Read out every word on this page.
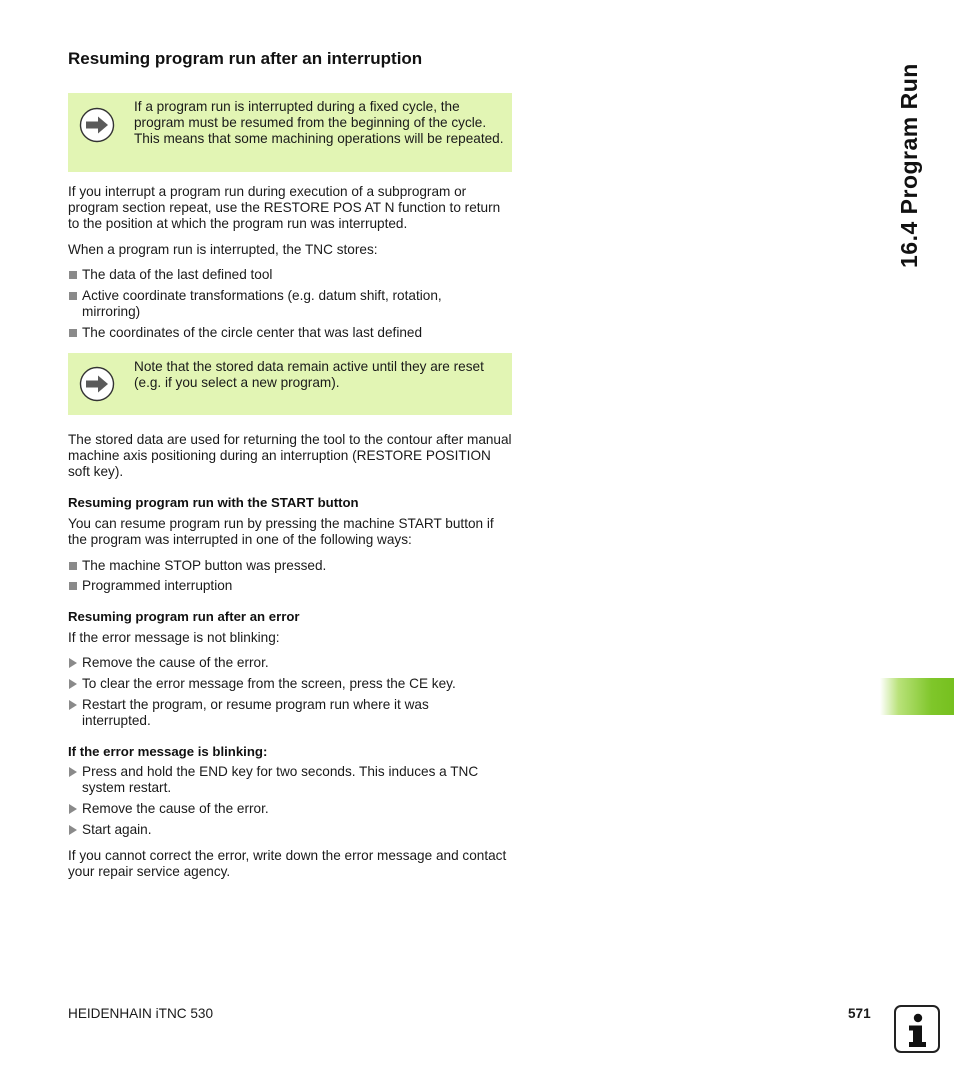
Resuming program run after an interruption

If a program run is interrupted during a fixed cycle, the program must be resumed from the beginning of the cycle. This means that some machining operations will be repeated.

If you interrupt a program run during execution of a subprogram or program section repeat, use the RESTORE POS AT N function to return to the position at which the program run was interrupted.

When a program run is interrupted, the TNC stores:

The data of the last defined tool
Active coordinate transformations (e.g. datum shift, rotation, mirroring)
The coordinates of the circle center that was last defined

Note that the stored data remain active until they are reset (e.g. if you select a new program).

The stored data are used for returning the tool to the contour after manual machine axis positioning during an interruption (RESTORE POSITION soft key).

Resuming program run with the START button

You can resume program run by pressing the machine START button if the program was interrupted in one of the following ways:

The machine STOP button was pressed.
Programmed interruption
Resuming program run after an error

If the error message is not blinking:

Remove the cause of the error.
To clear the error message from the screen, press the CE key.
Restart the program, or resume program run where it was interrupted.
If the error message is blinking:
Press and hold the END key for two seconds. This induces a TNC system restart.
Remove the cause of the error.
Start again.

If you cannot correct the error, write down the error message and contact your repair service agency.

16.4 Program Run
HEIDENHAIN iTNC 530	571	i
